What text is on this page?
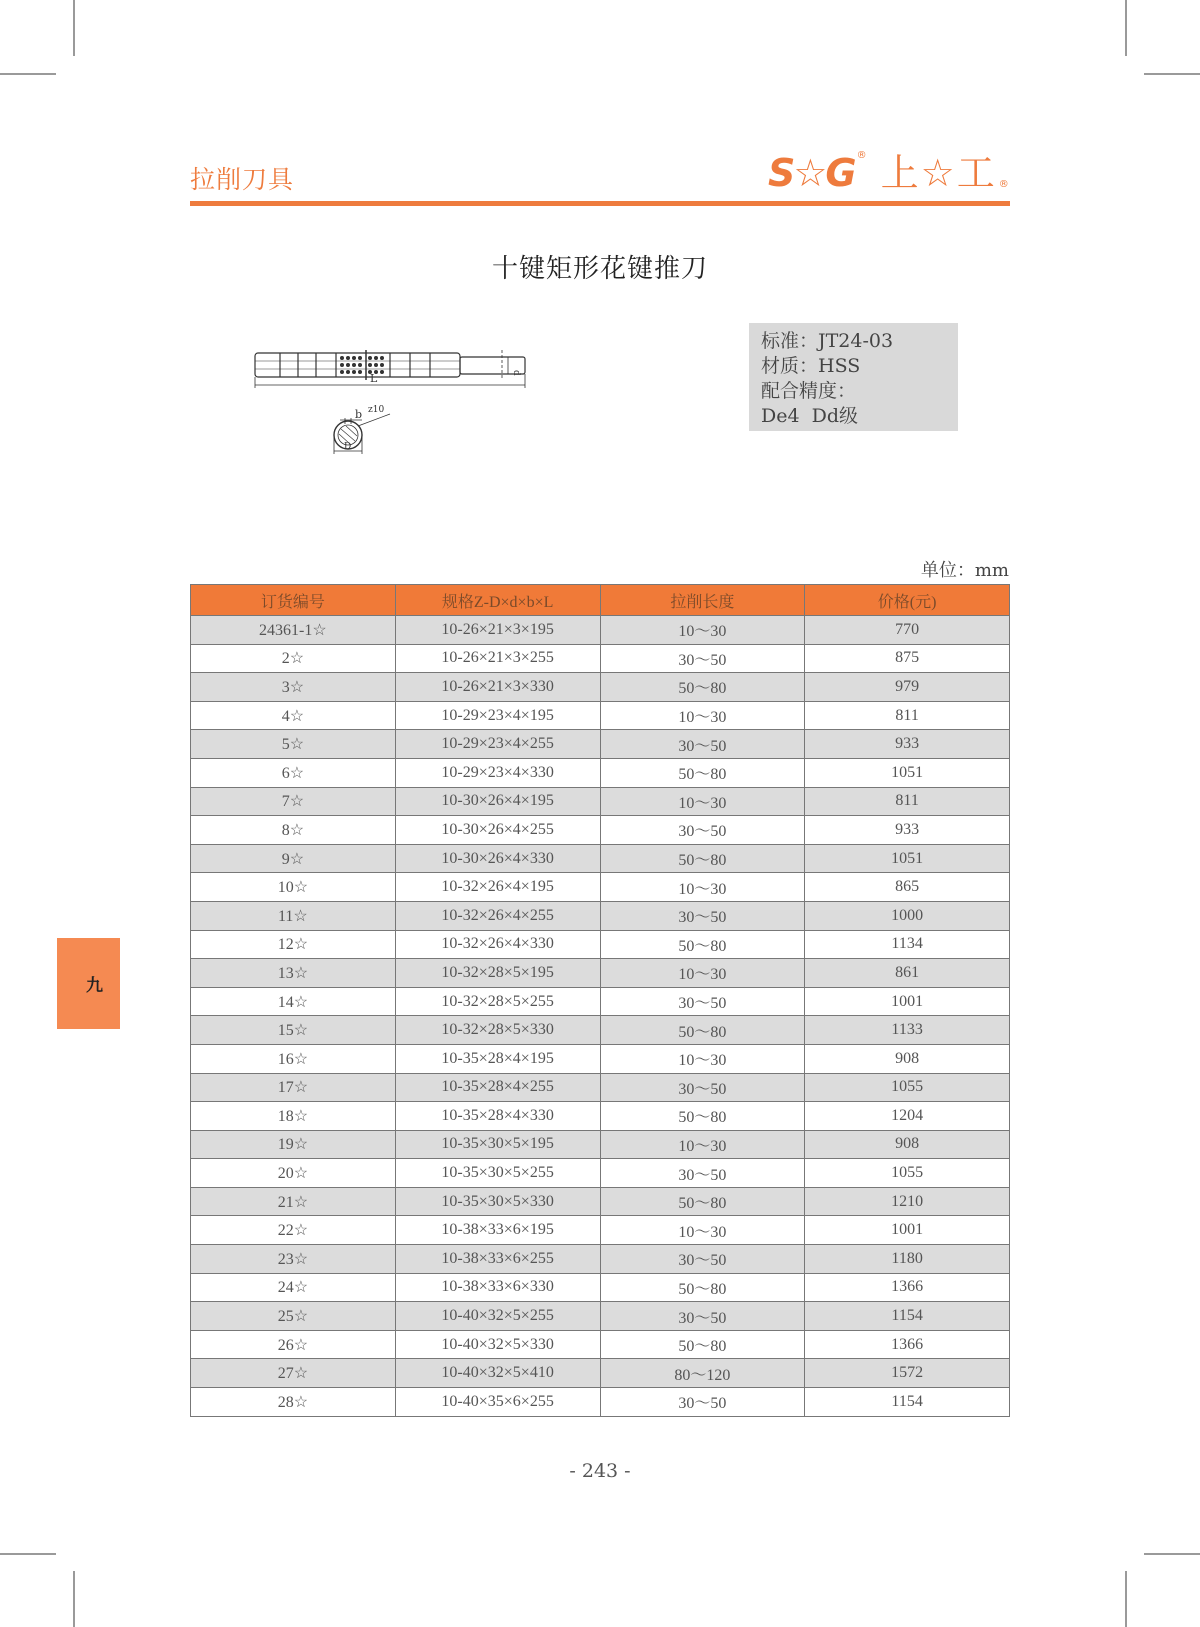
拉削刀具	S☆G ® 上☆工 ®
十键矩形花键推刀
L	d
b z10
D
标准：JT24-03
材质：HSS
配合精度：De4  Dd级
单位：mm
订货编号	规格Z-D×d×b×L	拉削长度	价格(元)
24361-1☆	10-26×21×3×195	10～30	770
2☆	10-26×21×3×255	30～50	875
3☆	10-26×21×3×330	50～80	979
4☆	10-29×23×4×195	10～30	811
5☆	10-29×23×4×255	30～50	933
6☆	10-29×23×4×330	50～80	1051
7☆	10-30×26×4×195	10～30	811
8☆	10-30×26×4×255	30～50	933
9☆	10-30×26×4×330	50～80	1051
10☆	10-32×26×4×195	10～30	865
11☆	10-32×26×4×255	30～50	1000
12☆	10-32×26×4×330	50～80	1134
13☆	10-32×28×5×195	10～30	861
14☆	10-32×28×5×255	30～50	1001
15☆	10-32×28×5×330	50～80	1133
16☆	10-35×28×4×195	10～30	908
17☆	10-35×28×4×255	30～50	1055
18☆	10-35×28×4×330	50～80	1204
19☆	10-35×30×5×195	10～30	908
20☆	10-35×30×5×255	30～50	1055
21☆	10-35×30×5×330	50～80	1210
22☆	10-38×33×6×195	10～30	1001
23☆	10-38×33×6×255	30～50	1180
24☆	10-38×33×6×330	50～80	1366
25☆	10-40×32×5×255	30～50	1154
26☆	10-40×32×5×330	50～80	1366
27☆	10-40×32×5×410	80～120	1572
28☆	10-40×35×6×255	30～50	1154
九
- 243 -
